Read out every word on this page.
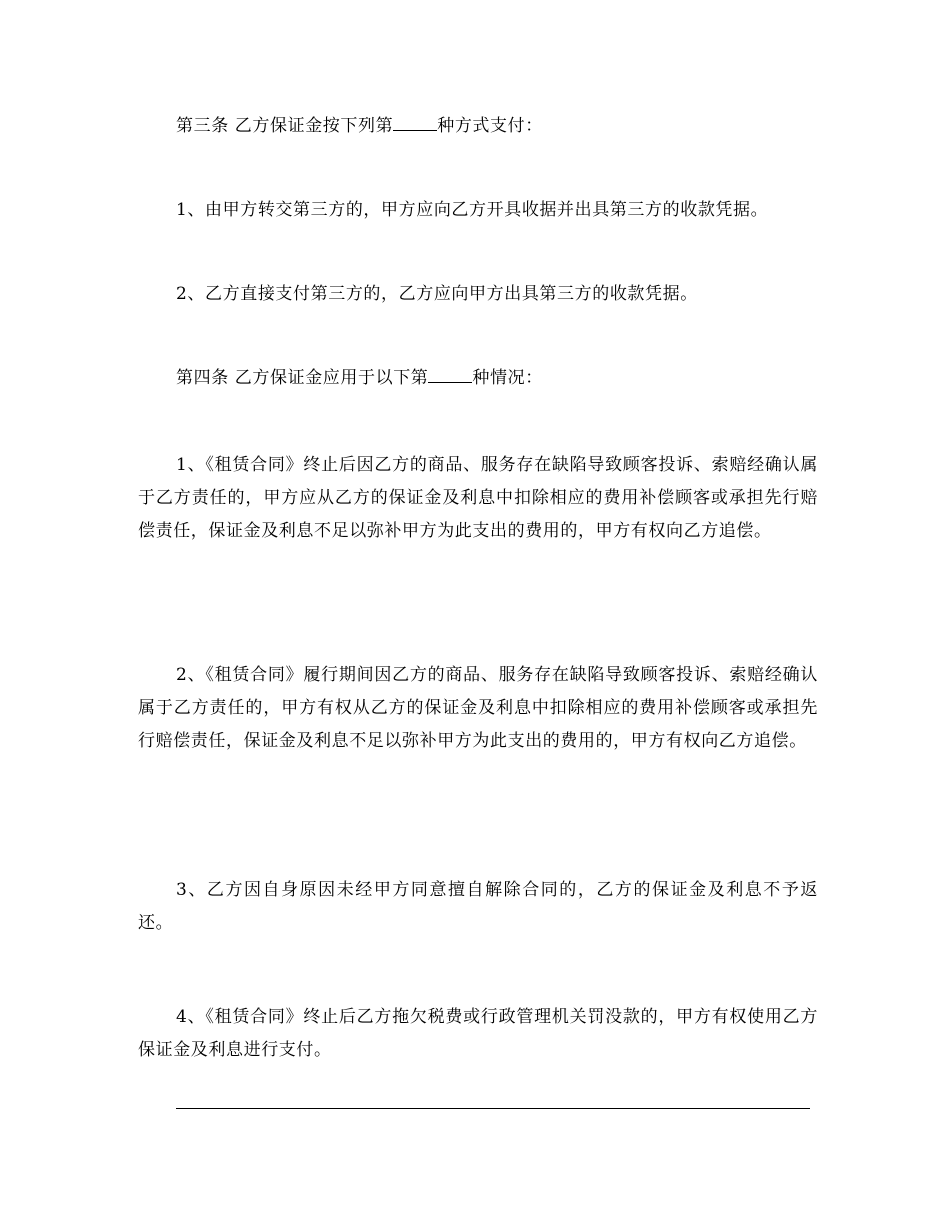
第三条 乙方保证金按下列第	种方式支付：

1、由甲方转交第三方的，甲方应向乙方开具收据并出具第三方的收款凭据。

2、乙方直接支付第三方的，乙方应向甲方出具第三方的收款凭据。

第四条 乙方保证金应用于以下第	种情况：

1、《租赁合同》终止后因乙方的商品、服务存在缺陷导致顾客投诉、索赔经确认属于乙方责任的，甲方应从乙方的保证金及利息中扣除相应的费用补偿顾客或承担先行赔偿责任，保证金及利息不足以弥补甲方为此支出的费用的，甲方有权向乙方追偿。

2、《租赁合同》履行期间因乙方的商品、服务存在缺陷导致顾客投诉、索赔经确认属于乙方责任的，甲方有权从乙方的保证金及利息中扣除相应的费用补偿顾客或承担先行赔偿责任，保证金及利息不足以弥补甲方为此支出的费用的，甲方有权向乙方追偿。

3、乙方因自身原因未经甲方同意擅自解除合同的，乙方的保证金及利息不予返还。

4、《租赁合同》终止后乙方拖欠税费或行政管理机关罚没款的，甲方有权使用乙方保证金及利息进行支付。
